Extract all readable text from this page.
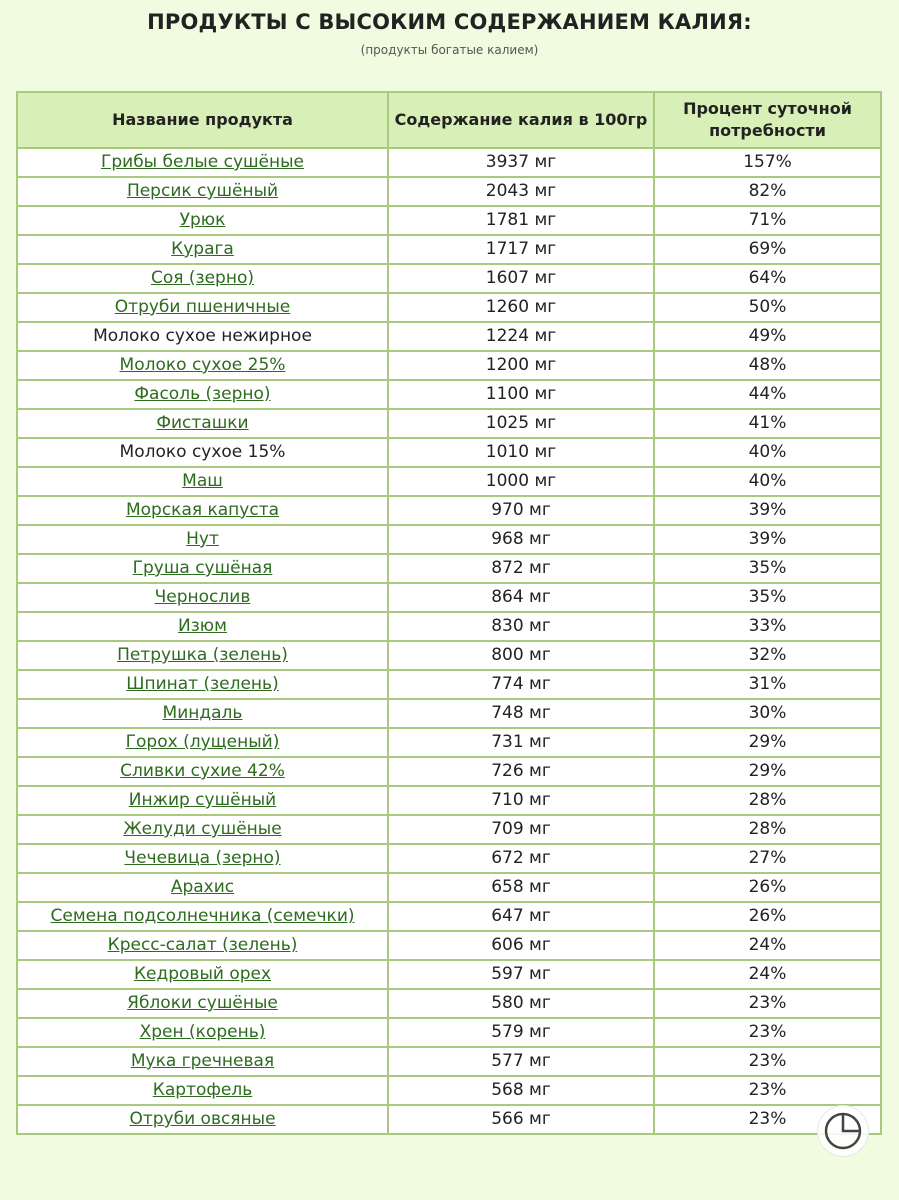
ПРОДУКТЫ С ВЫСОКИМ СОДЕРЖАНИЕМ КАЛИЯ:
(продукты богатые калием)
Название продукта	Содержание калия в 100гр	Процент суточной потребности
Грибы белые сушёные	3937 мг	157%
Персик сушёный	2043 мг	82%
Урюк	1781 мг	71%
Курага	1717 мг	69%
Соя (зерно)	1607 мг	64%
Отруби пшеничные	1260 мг	50%
Молоко сухое нежирное	1224 мг	49%
Молоко сухое 25%	1200 мг	48%
Фасоль (зерно)	1100 мг	44%
Фисташки	1025 мг	41%
Молоко сухое 15%	1010 мг	40%
Маш	1000 мг	40%
Морская капуста	970 мг	39%
Нут	968 мг	39%
Груша сушёная	872 мг	35%
Чернослив	864 мг	35%
Изюм	830 мг	33%
Петрушка (зелень)	800 мг	32%
Шпинат (зелень)	774 мг	31%
Миндаль	748 мг	30%
Горох (лущеный)	731 мг	29%
Сливки сухие 42%	726 мг	29%
Инжир сушёный	710 мг	28%
Желуди сушёные	709 мг	28%
Чечевица (зерно)	672 мг	27%
Арахис	658 мг	26%
Семена подсолнечника (семечки)	647 мг	26%
Кресс-салат (зелень)	606 мг	24%
Кедровый орех	597 мг	24%
Яблоки сушёные	580 мг	23%
Хрен (корень)	579 мг	23%
Мука гречневая	577 мг	23%
Картофель	568 мг	23%
Отруби овсяные	566 мг	23%
